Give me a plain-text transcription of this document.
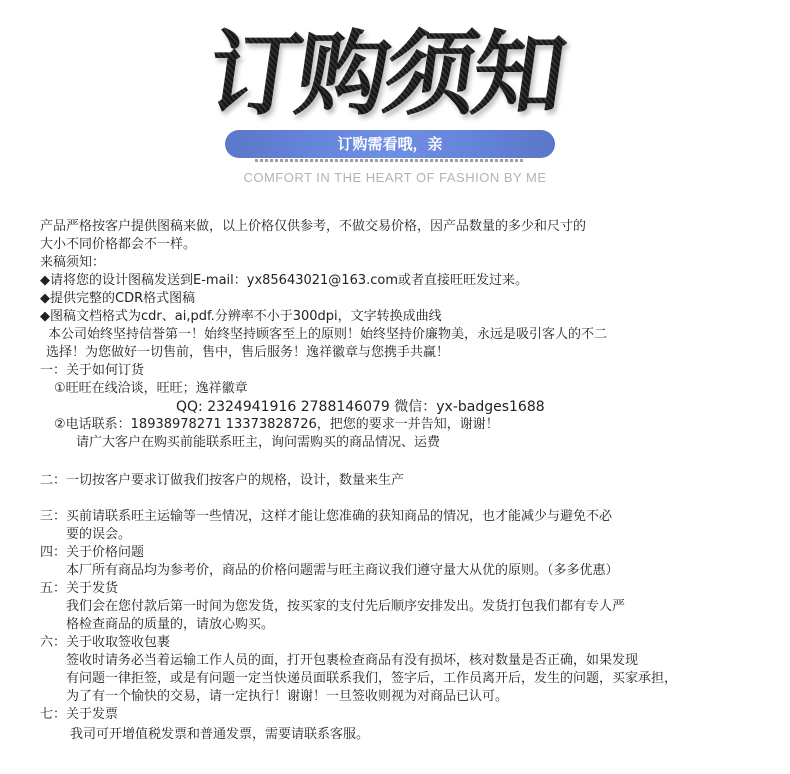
订购须知
订购需看哦，亲
COMFORT IN THE HEART OF FASHION BY ME
产品严格按客户提供图稿来做，以上价格仅供参考，不做交易价格，因产品数量的多少和尺寸的
大小不同价格都会不一样。
来稿须知：
◆请将您的设计图稿发送到E-mail：yx85643021@163.com或者直接旺旺发过来。
◆提供完整的CDR格式图稿
◆图稿文档格式为cdr、ai,pdf.分辨率不小于300dpi，文字转换成曲线
本公司始终坚持信誉第一！始终坚持顾客至上的原则！始终坚持价廉物美，永远是吸引客人的不二
选择！为您做好一切售前，售中，售后服务！逸祥徽章与您携手共赢！
一：关于如何订货
①旺旺在线洽谈，旺旺；逸祥徽章
QQ: 2324941916 2788146079 微信：yx-badges1688
②电话联系：18938978271 13373828726，把您的要求一并告知，谢谢！
请广大客户在购买前能联系旺主，询问需购买的商品情况、运费
二：一切按客户要求订做我们按客户的规格，设计，数量来生产
三：买前请联系旺主运输等一些情况，这样才能让您准确的获知商品的情况，也才能减少与避免不必
要的误会。
四：关于价格问题
本厂所有商品均为参考价，商品的价格问题需与旺主商议我们遵守量大从优的原则。（多多优惠）
五：关于发货
我们会在您付款后第一时间为您发货，按买家的支付先后顺序安排发出。发货打包我们都有专人严
格检查商品的质量的，请放心购买。
六：关于收取签收包裹
签收时请务必当着运输工作人员的面，打开包裹检查商品有没有损坏，核对数量是否正确，如果发现
有问题一律拒签，或是有问题一定当快递员面联系我们，签字后，工作员离开后，发生的问题，买家承担，
为了有一个愉快的交易，请一定执行！谢谢！一旦签收则视为对商品已认可。
七：关于发票
我司可开增值税发票和普通发票，需要请联系客服。
